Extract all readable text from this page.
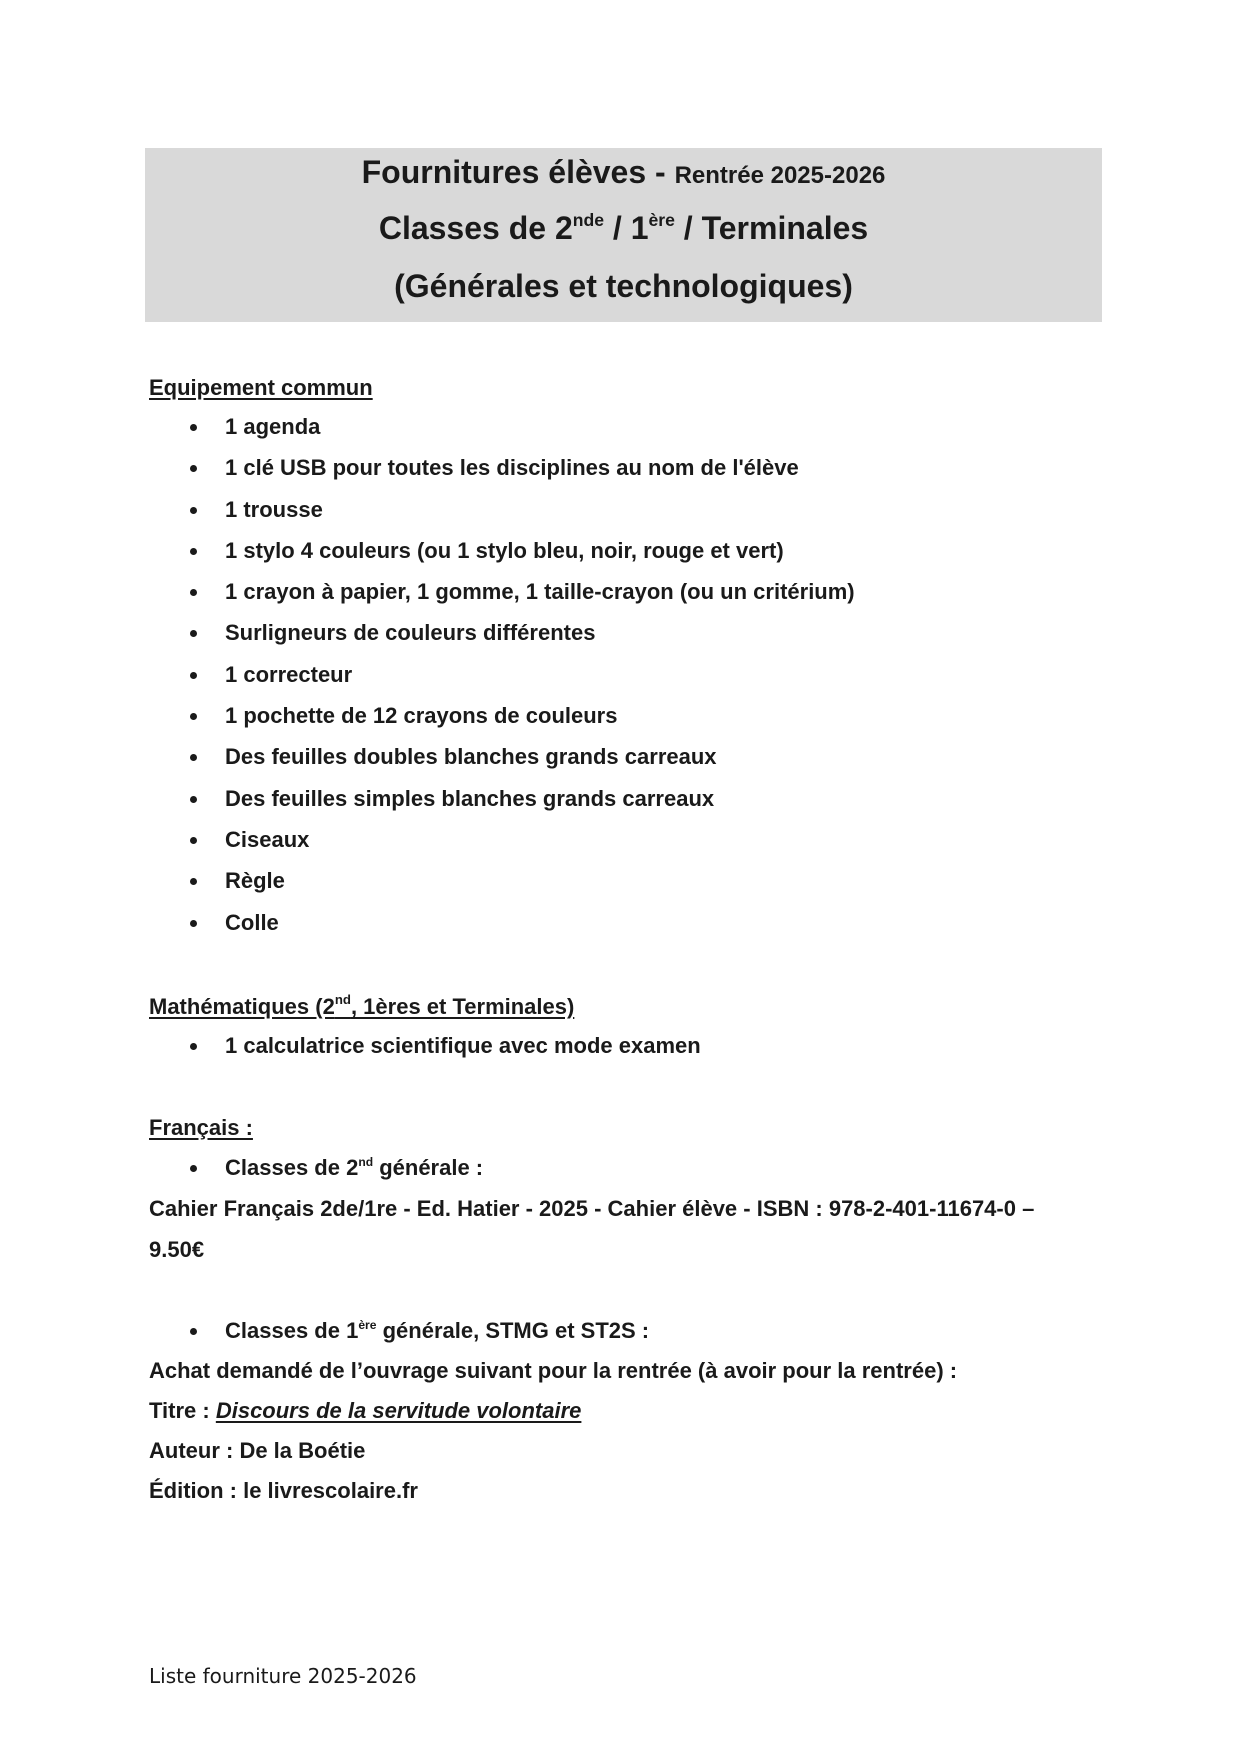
Fournitures élèves - Rentrée 2025-2026
Classes de 2nde / 1ère / Terminales
(Générales et technologiques)
Equipement commun
1 agenda
1 clé USB pour toutes les disciplines au nom de l'élève
1 trousse
1 stylo 4 couleurs (ou 1 stylo bleu, noir, rouge et vert)
1 crayon à papier, 1 gomme, 1 taille-crayon (ou un critérium)
Surligneurs de couleurs différentes
1 correcteur
1 pochette de 12 crayons de couleurs
Des feuilles doubles blanches grands carreaux
Des feuilles simples blanches grands carreaux
Ciseaux
Règle
Colle
Mathématiques (2nd, 1ères et Terminales)
1 calculatrice scientifique avec mode examen
Français :
Classes de 2nd générale :
Cahier Français 2de/1re - Ed. Hatier - 2025 - Cahier élève - ISBN : 978-2-401-11674-0 –
9.50€
Classes de 1ère générale, STMG et ST2S :
Achat demandé de l’ouvrage suivant pour la rentrée (à avoir pour la rentrée) :
Titre : Discours de la servitude volontaire
Auteur : De la Boétie
Édition : le livrescolaire.fr
Liste fourniture 2025-2026
